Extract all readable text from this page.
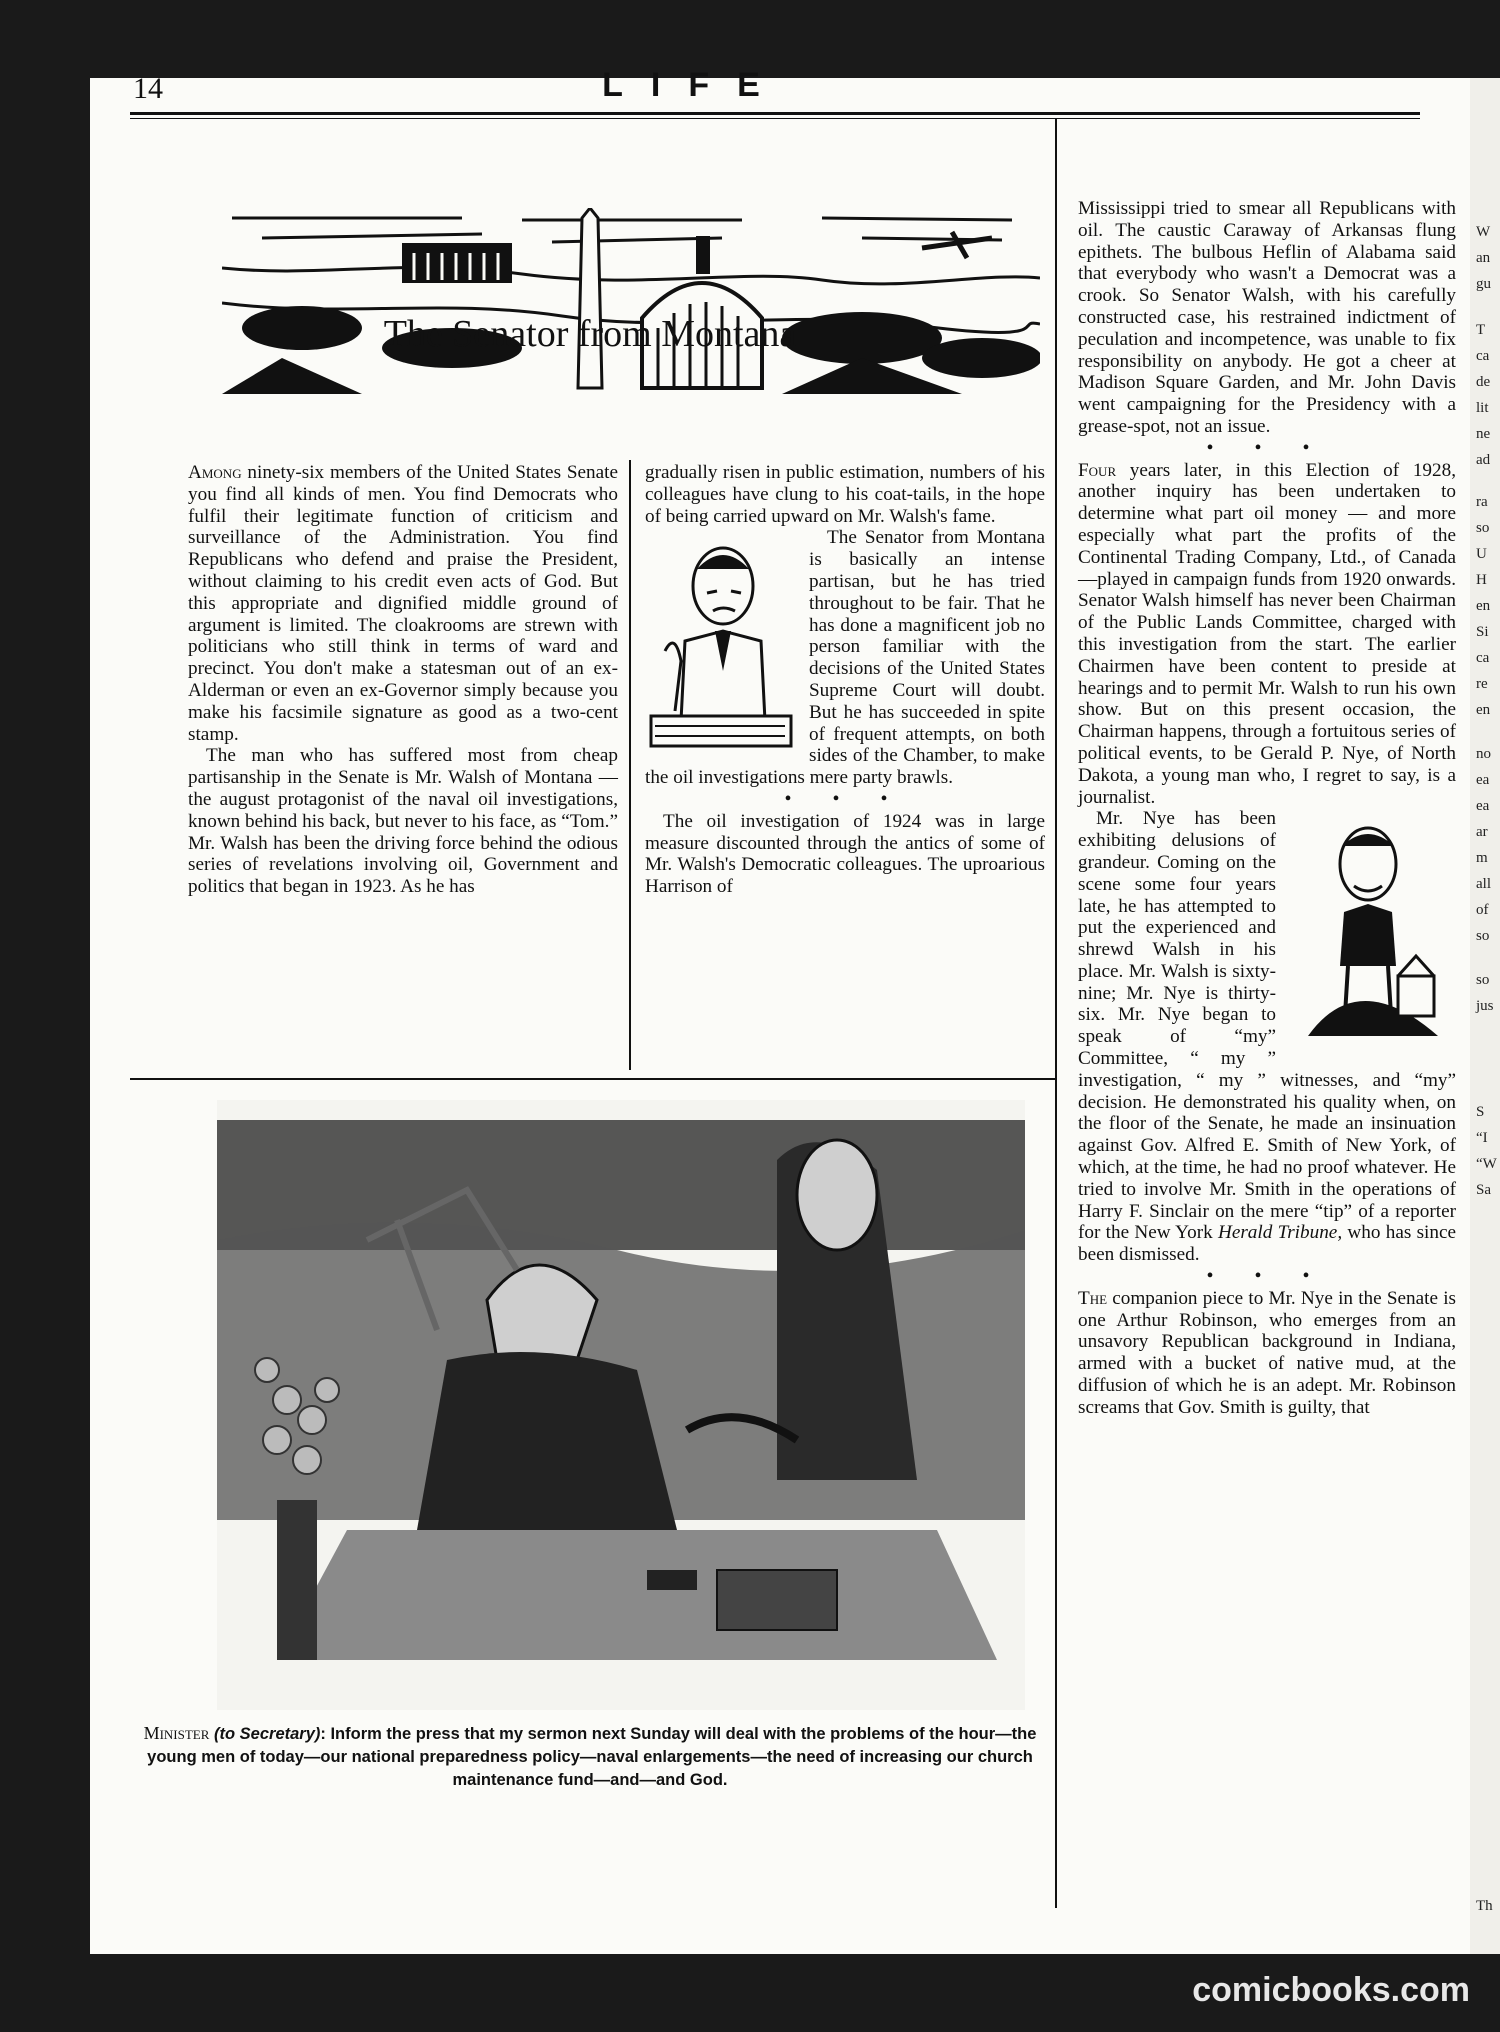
14	LIFE
The Senator from Montana

Among ninety-six members of the United States Senate you find all kinds of men. You find Democrats who fulfil their legitimate function of criticism and surveillance of the Administration. You find Republicans who defend and praise the President, without claiming to his credit even acts of God. But this appropriate and dignified middle ground of argument is limited. The cloakrooms are strewn with politicians who still think in terms of ward and precinct. You don't make a statesman out of an ex-Alderman or even an ex-Governor simply because you make his facsimile signature as good as a two-cent stamp.

The man who has suffered most from cheap partisanship in the Senate is Mr. Walsh of Montana — the august protagonist of the naval oil investigations, known behind his back, but never to his face, as “Tom.” Mr. Walsh has been the driving force behind the odious series of revelations involving oil, Government and politics that began in 1923. As he has

gradually risen in public estimation, numbers of his colleagues have clung to his coat-tails, in the hope of being carried upward on Mr. Walsh's fame.

The Senator from Montana is basically an intense partisan, but he has tried throughout to be fair. That he has done a magnificent job no person familiar with the decisions of the United States Supreme Court will doubt. But he has succeeded in spite of frequent attempts, on both sides of the Chamber, to make the oil investigations mere party brawls.

• • •

The oil investigation of 1924 was in large measure discounted through the antics of some of Mr. Walsh's Democratic colleagues. The uproarious Harrison of

Mississippi tried to smear all Republicans with oil. The caustic Caraway of Arkansas flung epithets. The bulbous Heflin of Alabama said that everybody who wasn't a Democrat was a crook. So Senator Walsh, with his carefully constructed case, his restrained indictment of peculation and incompetence, was unable to fix responsibility on anybody. He got a cheer at Madison Square Garden, and Mr. John Davis went campaigning for the Presidency with a grease-spot, not an issue.

• • •

Four years later, in this Election of 1928, another inquiry has been undertaken to determine what part oil money — and more especially what part the profits of the Continental Trading Company, Ltd., of Canada—played in campaign funds from 1920 onwards. Senator Walsh himself has never been Chairman of the Public Lands Committee, charged with this investigation from the start. The earlier Chairmen have been content to preside at hearings and to permit Mr. Walsh to run his own show. But on this present occasion, the Chairman happens, through a fortuitous series of political events, to be Gerald P. Nye, of North Dakota, a young man who, I regret to say, is a journalist.

Mr. Nye has been exhibiting delusions of grandeur. Coming on the scene some four years late, he has attempted to put the experienced and shrewd Walsh in his place. Mr. Walsh is sixty-nine; Mr. Nye is thirty-six. Mr. Nye began to speak of “my” Committee, “ my ” investigation, “ my ” witnesses, and “my” decision. He demonstrated his quality when, on the floor of the Senate, he made an insinuation against Gov. Alfred E. Smith of New York, of which, at the time, he had no proof whatever. He tried to involve Mr. Smith in the operations of Harry F. Sinclair on the mere “tip” of a reporter for the New York Herald Tribune, who has since been dismissed.

• • •

The companion piece to Mr. Nye in the Senate is one Arthur Robinson, who emerges from an unsavory Republican background in Indiana, armed with a bucket of native mud, at the diffusion of which he is an adept. Mr. Robinson screams that Gov. Smith is guilty, that

Minister (to Secretary): Inform the press that my sermon next Sunday will deal with the problems of the hour—the young men of today—our national preparedness policy—naval enlargements—the need of increasing our church maintenance fund—and—and God.
W
an
gu
T
ca
de
lit
ne
ad
ra
so
U
H
en
Si
ca
re
en
no
ea
ea
ar
m
all
of
so
so
jus
S
“I
“W
Sa
Th
comicbooks.com
